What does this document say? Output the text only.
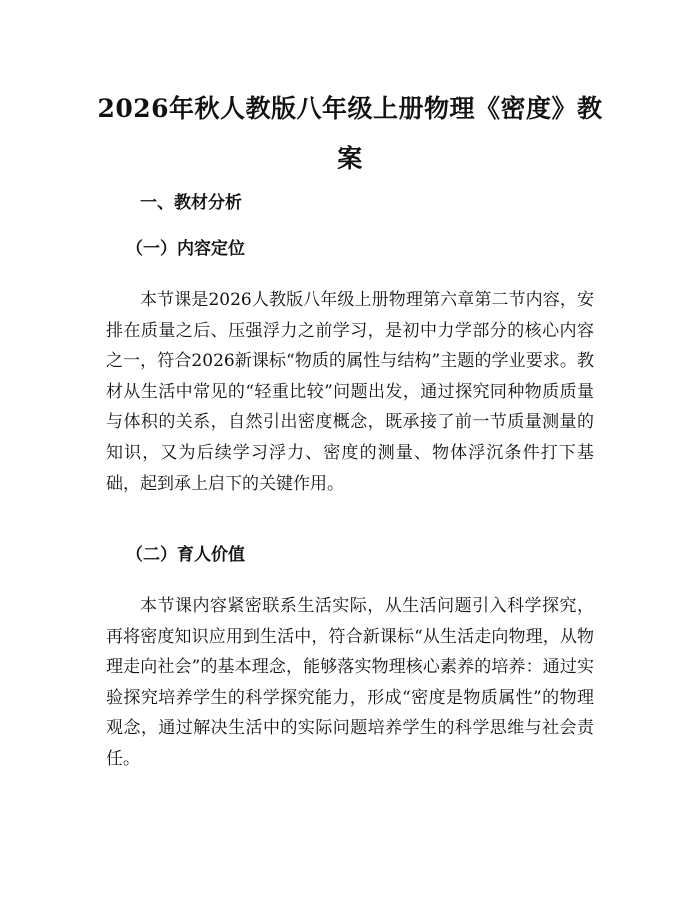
2026年秋人教版八年级上册物理《密度》教案
一、教材分析
（一）内容定位

本节课是2026人教版八年级上册物理第六章第二节内容，安排在质量之后、压强浮力之前学习，是初中力学部分的核心内容之一，符合2026新课标“物质的属性与结构”主题的学业要求。教材从生活中常见的“轻重比较”问题出发，通过探究同种物质质量与体积的关系，自然引出密度概念，既承接了前一节质量测量的知识，又为后续学习浮力、密度的测量、物体浮沉条件打下基础，起到承上启下的关键作用。

（二）育人价值

本节课内容紧密联系生活实际，从生活问题引入科学探究，再将密度知识应用到生活中，符合新课标“从生活走向物理，从物理走向社会”的基本理念，能够落实物理核心素养的培养：通过实验探究培养学生的科学探究能力，形成“密度是物质属性”的物理观念，通过解决生活中的实际问题培养学生的科学思维与社会责任。
